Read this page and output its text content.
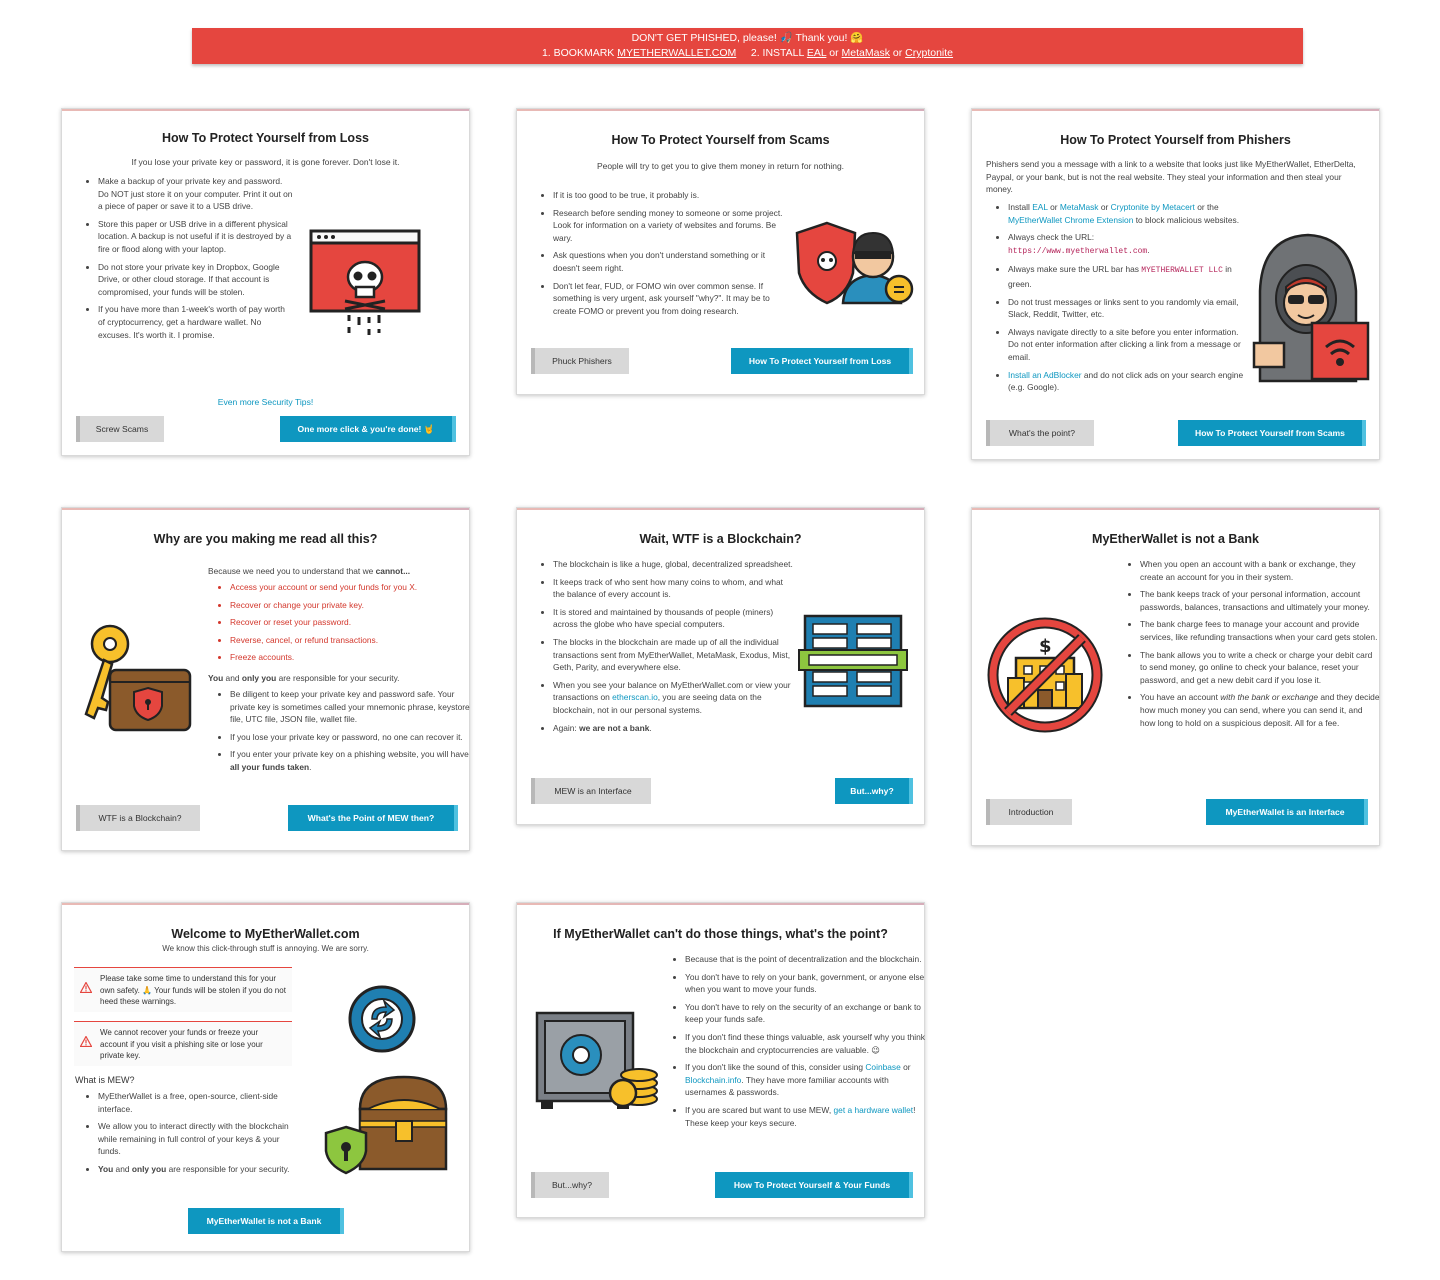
DON'T GET PHISHED, please! 🎣 Thank you! 🤗
1. BOOKMARK MYETHERWALLET.COM 2. INSTALL EAL or MetaMask or Cryptonite
How To Protect Yourself from Loss
If you lose your private key or password, it is gone forever. Don't lose it.
• Make a backup of your private key and password. Do NOT just store it on your computer. Print it out on a piece of paper or save it to a USB drive.
• Store this paper or USB drive in a different physical location. A backup is not useful if it is destroyed by a fire or flood along with your laptop.
• Do not store your private key in Dropbox, Google Drive, or other cloud storage. If that account is compromised, your funds will be stolen.
• If you have more than 1-week's worth of pay worth of cryptocurrency, get a hardware wallet. No excuses. It's worth it. I promise.
Even more Security Tips!
Screw Scams	One more click & you're done! 🤘
How To Protect Yourself from Scams
People will try to get you to give them money in return for nothing.
• If it is too good to be true, it probably is.
• Research before sending money to someone or some project. Look for information on a variety of websites and forums. Be wary.
• Ask questions when you don't understand something or it doesn't seem right.
• Don't let fear, FUD, or FOMO win over common sense. If something is very urgent, ask yourself "why?". It may be to create FOMO or prevent you from doing research.
Phuck Phishers	How To Protect Yourself from Loss
How To Protect Yourself from Phishers
Phishers send you a message with a link to a website that looks just like MyEtherWallet, EtherDelta, Paypal, or your bank, but is not the real website. They steal your information and then steal your money.
• Install EAL or MetaMask or Cryptonite by Metacert or the MyEtherWallet Chrome Extension to block malicious websites.
• Always check the URL:
https://www.myetherwallet.com.
• Always make sure the URL bar has MYETHERWALLET LLC in green.
• Do not trust messages or links sent to you randomly via email, Slack, Reddit, Twitter, etc.
• Always navigate directly to a site before you enter information. Do not enter information after clicking a link from a message or email.
• Install an AdBlocker and do not click ads on your search engine (e.g. Google).
What's the point?	How To Protect Yourself from Scams
Why are you making me read all this?
Because we need you to understand that we cannot...
• Access your account or send your funds for you X.
• Recover or change your private key.
• Recover or reset your password.
• Reverse, cancel, or refund transactions.
• Freeze accounts.
You and only you are responsible for your security.
• Be diligent to keep your private key and password safe. Your private key is sometimes called your mnemonic phrase, keystore file, UTC file, JSON file, wallet file.
• If you lose your private key or password, no one can recover it.
• If you enter your private key on a phishing website, you will have all your funds taken.
WTF is a Blockchain?	What's the Point of MEW then?
Wait, WTF is a Blockchain?
• The blockchain is like a huge, global, decentralized spreadsheet.
• It keeps track of who sent how many coins to whom, and what the balance of every account is.
• It is stored and maintained by thousands of people (miners) across the globe who have special computers.
• The blocks in the blockchain are made up of all the individual transactions sent from MyEtherWallet, MetaMask, Exodus, Mist, Geth, Parity, and everywhere else.
• When you see your balance on MyEtherWallet.com or view your transactions on etherscan.io, you are seeing data on the blockchain, not in our personal systems.
• Again: we are not a bank.
MEW is an Interface	But...why?
MyEtherWallet is not a Bank
• When you open an account with a bank or exchange, they create an account for you in their system.
• The bank keeps track of your personal information, account passwords, balances, transactions and ultimately your money.
• The bank charge fees to manage your account and provide services, like refunding transactions when your card gets stolen.
• The bank allows you to write a check or charge your debit card to send money, go online to check your balance, reset your password, and get a new debit card if you lose it.
• You have an account with the bank or exchange and they decide how much money you can send, where you can send it, and how long to hold on a suspicious deposit. All for a fee.
$
Introduction	MyEtherWallet is an Interface
Welcome to MyEtherWallet.com
We know this click-through stuff is annoying. We are sorry.
Please take some time to understand this for your own safety. 🙏 Your funds will be stolen if you do not heed these warnings.
We cannot recover your funds or freeze your account if you visit a phishing site or lose your private key.
What is MEW?
• MyEtherWallet is a free, open-source, client-side interface.
• We allow you to interact directly with the blockchain while remaining in full control of your keys & your funds.
• You and only you are responsible for your security.
MyEtherWallet is not a Bank
If MyEtherWallet can't do those things, what's the point?
• Because that is the point of decentralization and the blockchain.
• You don't have to rely on your bank, government, or anyone else when you want to move your funds.
• You don't have to rely on the security of an exchange or bank to keep your funds safe.
• If you don't find these things valuable, ask yourself why you think the blockchain and cryptocurrencies are valuable. 😉
• If you don't like the sound of this, consider using Coinbase or Blockchain.info. They have more familiar accounts with usernames & passwords.
• If you are scared but want to use MEW, get a hardware wallet! These keep your keys secure.
But...why?	How To Protect Yourself & Your Funds
